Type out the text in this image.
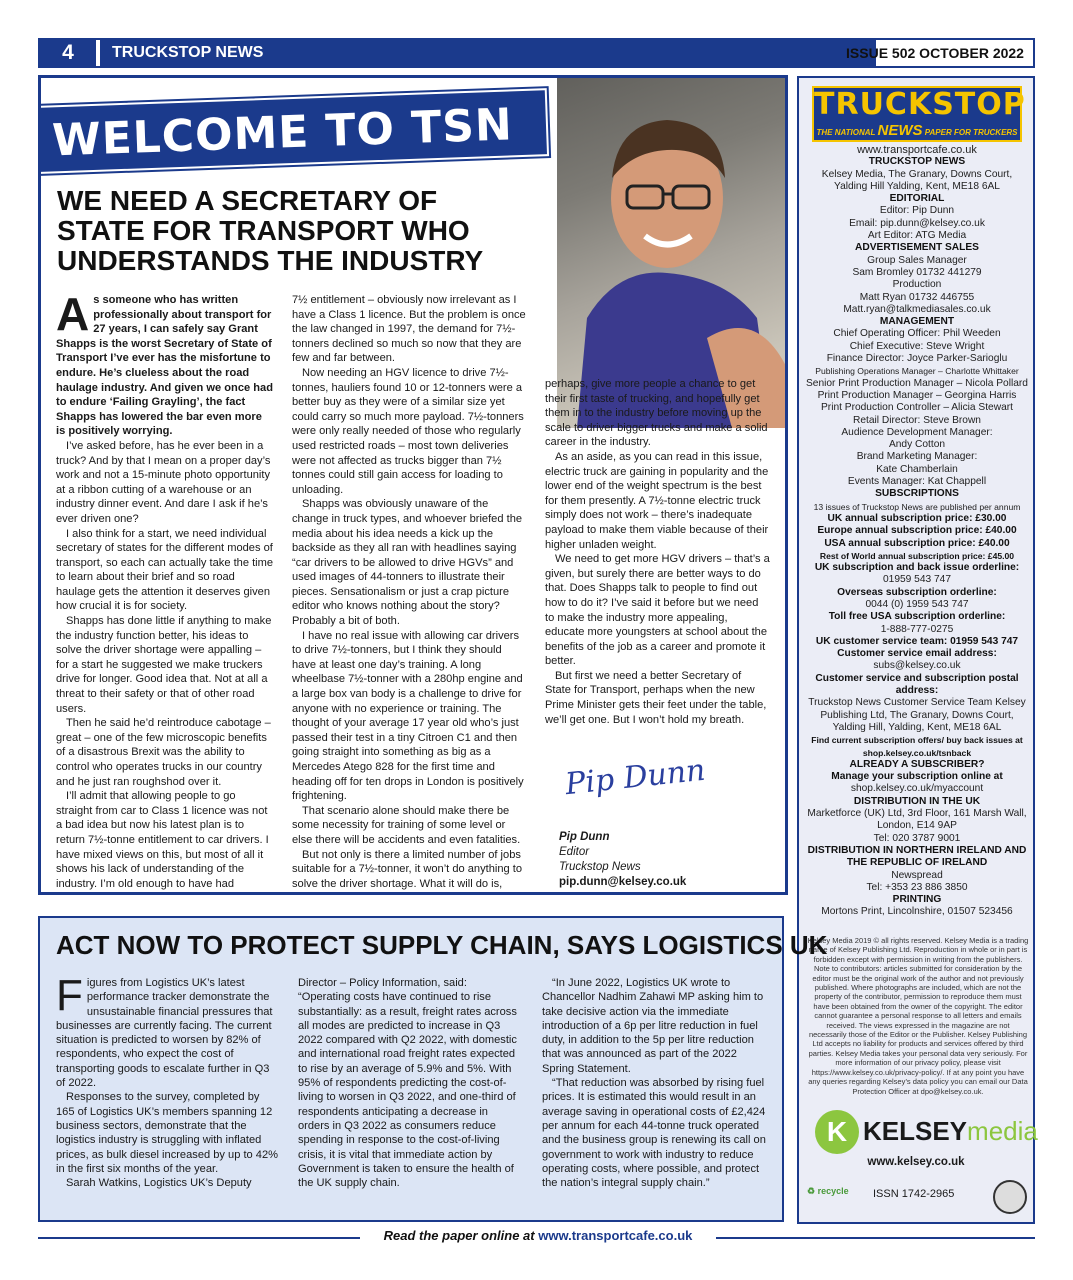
4	TRUCKSTOP NEWS	ISSUE 502 OCTOBER 2022
WELCOME TO TSN
WE NEED A SECRETARY OF STATE FOR TRANSPORT WHO UNDERSTANDS THE INDUSTRY

As someone who has written professionally about transport for 27 years, I can safely say Grant Shapps is the worst Secretary of State of Transport I’ve ever has the misfortune to endure. He’s clueless about the road haulage industry. And given we once had to endure ‘Failing Grayling’, the fact Shapps has lowered the bar even more is positively worrying.

I’ve asked before, has he ever been in a truck? And by that I mean on a proper day’s work and not a 15-minute photo opportunity at a ribbon cutting of a warehouse or an industry dinner event. And dare I ask if he’s ever driven one?

I also think for a start, we need individual secretary of states for the different modes of transport, so each can actually take the time to learn about their brief and so road haulage gets the attention it deserves given how crucial it is for society.

Shapps has done little if anything to make the industry function better, his ideas to solve the driver shortage were appalling – for a start he suggested we make truckers drive for longer. Good idea that. Not at all a threat to their safety or that of other road users.

Then he said he’d reintroduce cabotage – great – one of the few microscopic benefits of a disastrous Brexit was the ability to control who operates trucks in our country and he just ran roughshod over it.

I’ll admit that allowing people to go straight from car to Class 1 licence was not a bad idea but now his latest plan is to return 7½-tonne entitlement to car drivers. I have mixed views on this, but most of all it shows his lack of understanding of the industry. I’m old enough to have had

7½ entitlement – obviously now irrelevant as I have a Class 1 licence. But the problem is once the law changed in 1997, the demand for 7½-tonners declined so much so now that they are few and far between.

Now needing an HGV licence to drive 7½-tonnes, hauliers found 10 or 12-tonners were a better buy as they were of a similar size yet could carry so much more payload. 7½-tonners were only really needed of those who regularly used restricted roads – most town deliveries were not affected as trucks bigger than 7½ tonnes could still gain access for loading to unloading.

Shapps was obviously unaware of the change in truck types, and whoever briefed the media about his idea needs a kick up the backside as they all ran with headlines saying “car drivers to be allowed to drive HGVs” and used images of 44-tonners to illustrate their pieces. Sensationalism or just a crap picture editor who knows nothing about the story? Probably a bit of both.

I have no real issue with allowing car drivers to drive 7½-tonners, but I think they should have at least one day’s training. A long wheelbase 7½-tonner with a 280hp engine and a large box van body is a challenge to drive for anyone with no experience or training. The thought of your average 17 year old who’s just passed their test in a tiny Citroen C1 and then going straight into something as big as a Mercedes Atego 828 for the first time and heading off for ten drops in London is positively frightening.

That scenario alone should make there be some necessity for training of some level or else there will be accidents and even fatalities.

But not only is there a limited number of jobs suitable for a 7½-tonner, it won’t do anything to solve the driver shortage. What it will do is,

perhaps, give more people a chance to get their first taste of trucking, and hopefully get them in to the industry before moving up the scale to driver bigger trucks and make a solid career in the industry.

As an aside, as you can read in this issue, electric truck are gaining in popularity and the lower end of the weight spectrum is the best for them presently. A 7½-tonne electric truck simply does not work – there’s inadequate payload to make them viable because of their higher unladen weight.

We need to get more HGV drivers – that’s a given, but surely there are better ways to do that. Does Shapps talk to people to find out how to do it? I’ve said it before but we need to make the industry more appealing, educate more youngsters at school about the benefits of the job as a career and promote it better.

But first we need a better Secretary of State for Transport, perhaps when the new Prime Minister gets their feet under the table, we’ll get one. But I won’t hold my breath.

Pip Dunn
Pip Dunn
Editor
Truckstop News
pip.dunn@kelsey.co.uk
TRUCKSTOP
THE NATIONAL NEWS PAPER FOR TRUCKERS
www.transportcafe.co.uk
TRUCKSTOP NEWS
Kelsey Media, The Granary, Downs Court, Yalding Hill Yalding, Kent, ME18 6AL
EDITORIAL
Editor: Pip Dunn
Email: pip.dunn@kelsey.co.uk
Art Editor: ATG Media
ADVERTISEMENT SALES
Group Sales Manager
Sam Bromley 01732 441279
Production
Matt Ryan 01732 446755
Matt.ryan@talkmediasales.co.uk
MANAGEMENT
Chief Operating Officer: Phil Weeden
Chief Executive: Steve Wright
Finance Director: Joyce Parker-Sarioglu
Publishing Operations Manager – Charlotte Whittaker
Senior Print Production Manager – Nicola Pollard
Print Production Manager – Georgina Harris
Print Production Controller – Alicia Stewart
Retail Director: Steve Brown
Audience Development Manager:
Andy Cotton
Brand Marketing Manager:
Kate Chamberlain
Events Manager: Kat Chappell
SUBSCRIPTIONS
13 issues of Truckstop News are published per annum
UK annual subscription price: £30.00
Europe annual subscription price: £40.00
USA annual subscription price: £40.00
Rest of World annual subscription price: £45.00
UK subscription and back issue orderline:
01959 543 747
Overseas subscription orderline:
0044 (0) 1959 543 747
Toll free USA subscription orderline:
1-888-777-0275
UK customer service team: 01959 543 747
Customer service email address:
subs@kelsey.co.uk
Customer service and subscription postal address:
Truckstop News Customer Service Team Kelsey Publishing Ltd, The Granary, Downs Court, Yalding Hill, Yalding, Kent, ME18 6AL
Find current subscription offers/ buy back issues at shop.kelsey.co.uk/tsnback
ALREADY A SUBSCRIBER?
Manage your subscription online at
shop.kelsey.co.uk/myaccount
DISTRIBUTION IN THE UK
Marketforce (UK) Ltd, 3rd Floor, 161 Marsh Wall, London, E14 9AP
Tel: 020 3787 9001
DISTRIBUTION IN NORTHERN IRELAND AND THE REPUBLIC OF IRELAND
Newspread
Tel: +353 23 886 3850
PRINTING
Mortons Print, Lincolnshire, 01507 523456
Kelsey Media 2019 © all rights reserved. Kelsey Media is a trading name of Kelsey Publishing Ltd. Reproduction in whole or in part is forbidden except with permission in writing from the publishers. Note to contributors: articles submitted for consideration by the editor must be the original work of the author and not previously published. Where photographs are included, which are not the property of the contributor, permission to reproduce them must have been obtained from the owner of the copyright. The editor cannot guarantee a personal response to all letters and emails received. The views expressed in the magazine are not necessarily those of the Editor or the Publisher. Kelsey Publishing Ltd accepts no liability for products and services offered by third parties. Kelsey Media takes your personal data very seriously. For more information of our privacy policy, please visit https://www.kelsey.co.uk/privacy-policy/. If at any point you have any queries regarding Kelsey’s data policy you can email our Data Protection Officer at dpo@kelsey.co.uk.
K KELSEYmedia
www.kelsey.co.uk
♻ recycle ISSN 1742-2965
ACT NOW TO PROTECT SUPPLY CHAIN, SAYS LOGISTICS UK

Figures from Logistics UK’s latest performance tracker demonstrate the unsustainable financial pressures that businesses are currently facing. The current situation is predicted to worsen by 82% of respondents, who expect the cost of transporting goods to escalate further in Q3 of 2022.

Responses to the survey, completed by 165 of Logistics UK’s members spanning 12 business sectors, demonstrate that the logistics industry is struggling with inflated prices, as bulk diesel increased by up to 42% in the first six months of the year.

Sarah Watkins, Logistics UK’s Deputy

Director – Policy Information, said: “Operating costs have continued to rise substantially: as a result, freight rates across all modes are predicted to increase in Q3 2022 compared with Q2 2022, with domestic and international road freight rates expected to rise by an average of 5.9% and 5%. With 95% of respondents predicting the cost-of-living to worsen in Q3 2022, and one-third of respondents anticipating a decrease in orders in Q3 2022 as consumers reduce spending in response to the cost-of-living crisis, it is vital that immediate action by Government is taken to ensure the health of the UK supply chain.

“In June 2022, Logistics UK wrote to Chancellor Nadhim Zahawi MP asking him to take decisive action via the immediate introduction of a 6p per litre reduction in fuel duty, in addition to the 5p per litre reduction that was announced as part of the 2022 Spring Statement.

“That reduction was absorbed by rising fuel prices. It is estimated this would result in an average saving in operational costs of £2,424 per annum for each 44-tonne truck operated and the business group is renewing its call on government to work with industry to reduce operating costs, where possible, and protect the nation’s integral supply chain.”

Read the paper online at www.transportcafe.co.uk
